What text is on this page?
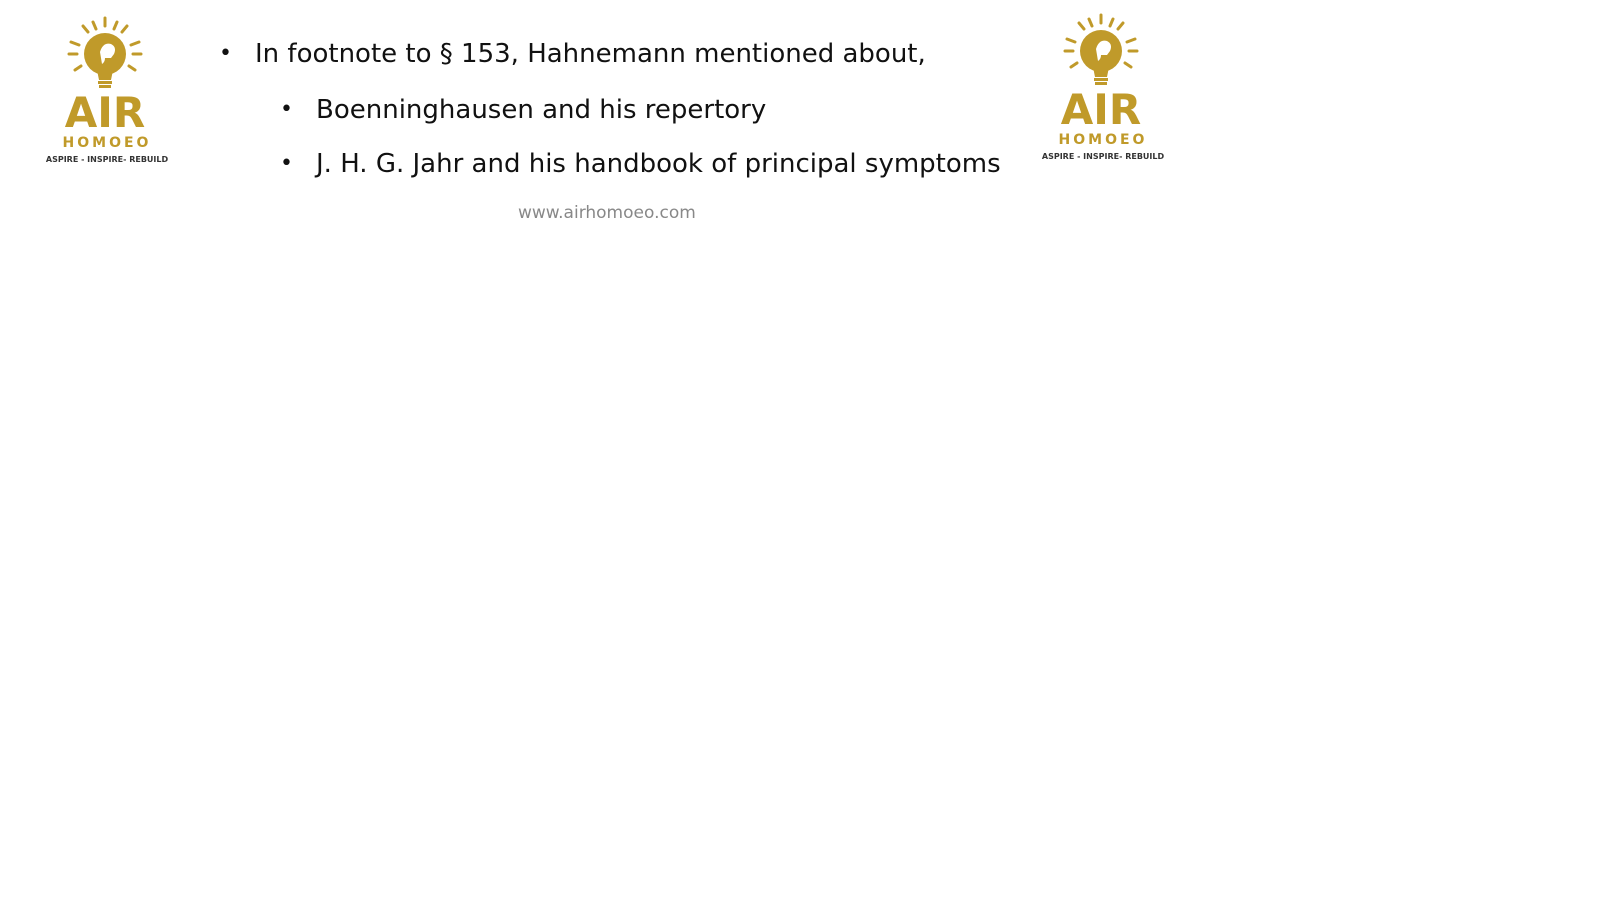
AIR
HOMOEO
ASPIRE - INSPIRE- REBUILD
• In footnote to § 153, Hahnemann mentioned about,
• Boenninghausen and his repertory
• J. H. G. Jahr and his handbook of principal symptoms
www.airhomoeo.com
AIR
HOMOEO
ASPIRE - INSPIRE- REBUILD
